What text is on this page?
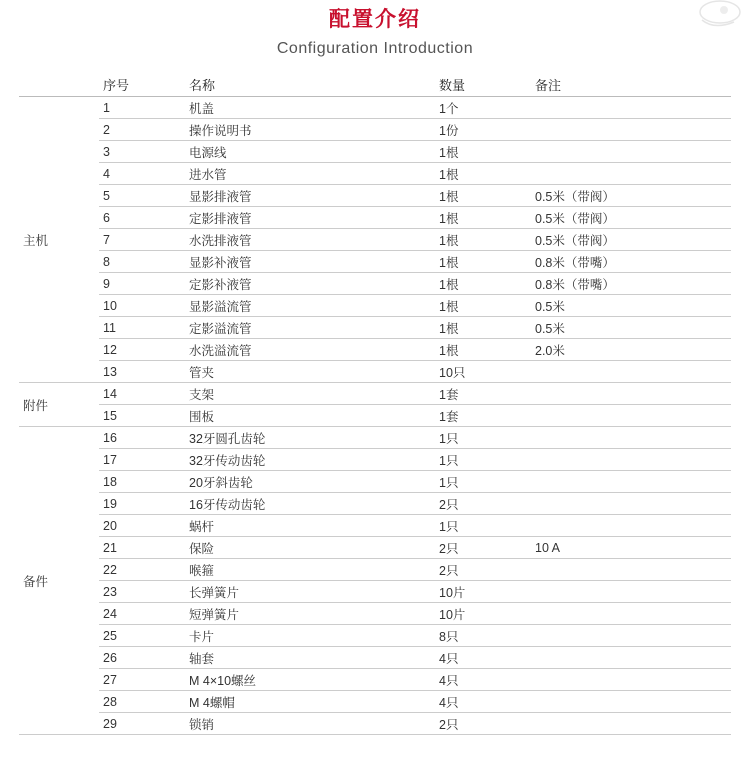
配置介绍
Configuration Introduction
	序号	名称	数量	备注
主机	1	机盖	1个	
	2	操作说明书	1份	
	3	电源线	1根	
	4	进水管	1根	
	5	显影排液管	1根	0.5米（带阀）
	6	定影排液管	1根	0.5米（带阀）
	7	水洗排液管	1根	0.5米（带阀）
	8	显影补液管	1根	0.8米（带嘴）
	9	定影补液管	1根	0.8米（带嘴）
	10	显影溢流管	1根	0.5米
	11	定影溢流管	1根	0.5米
	12	水洗溢流管	1根	2.0米
	13	管夹	10只	
附件	14	支架	1套	
	15	围板	1套	
备件	16	32牙圆孔齿轮	1只	
	17	32牙传动齿轮	1只	
	18	20牙斜齿轮	1只	
	19	16牙传动齿轮	2只	
	20	蜗杆	1只	
	21	保险	2只	10 A
	22	喉箍	2只	
	23	长弹簧片	10片	
	24	短弹簧片	10片	
	25	卡片	8只	
	26	轴套	4只	
	27	M 4×10螺丝	4只	
	28	M 4螺帽	4只	
	29	锁销	2只	
